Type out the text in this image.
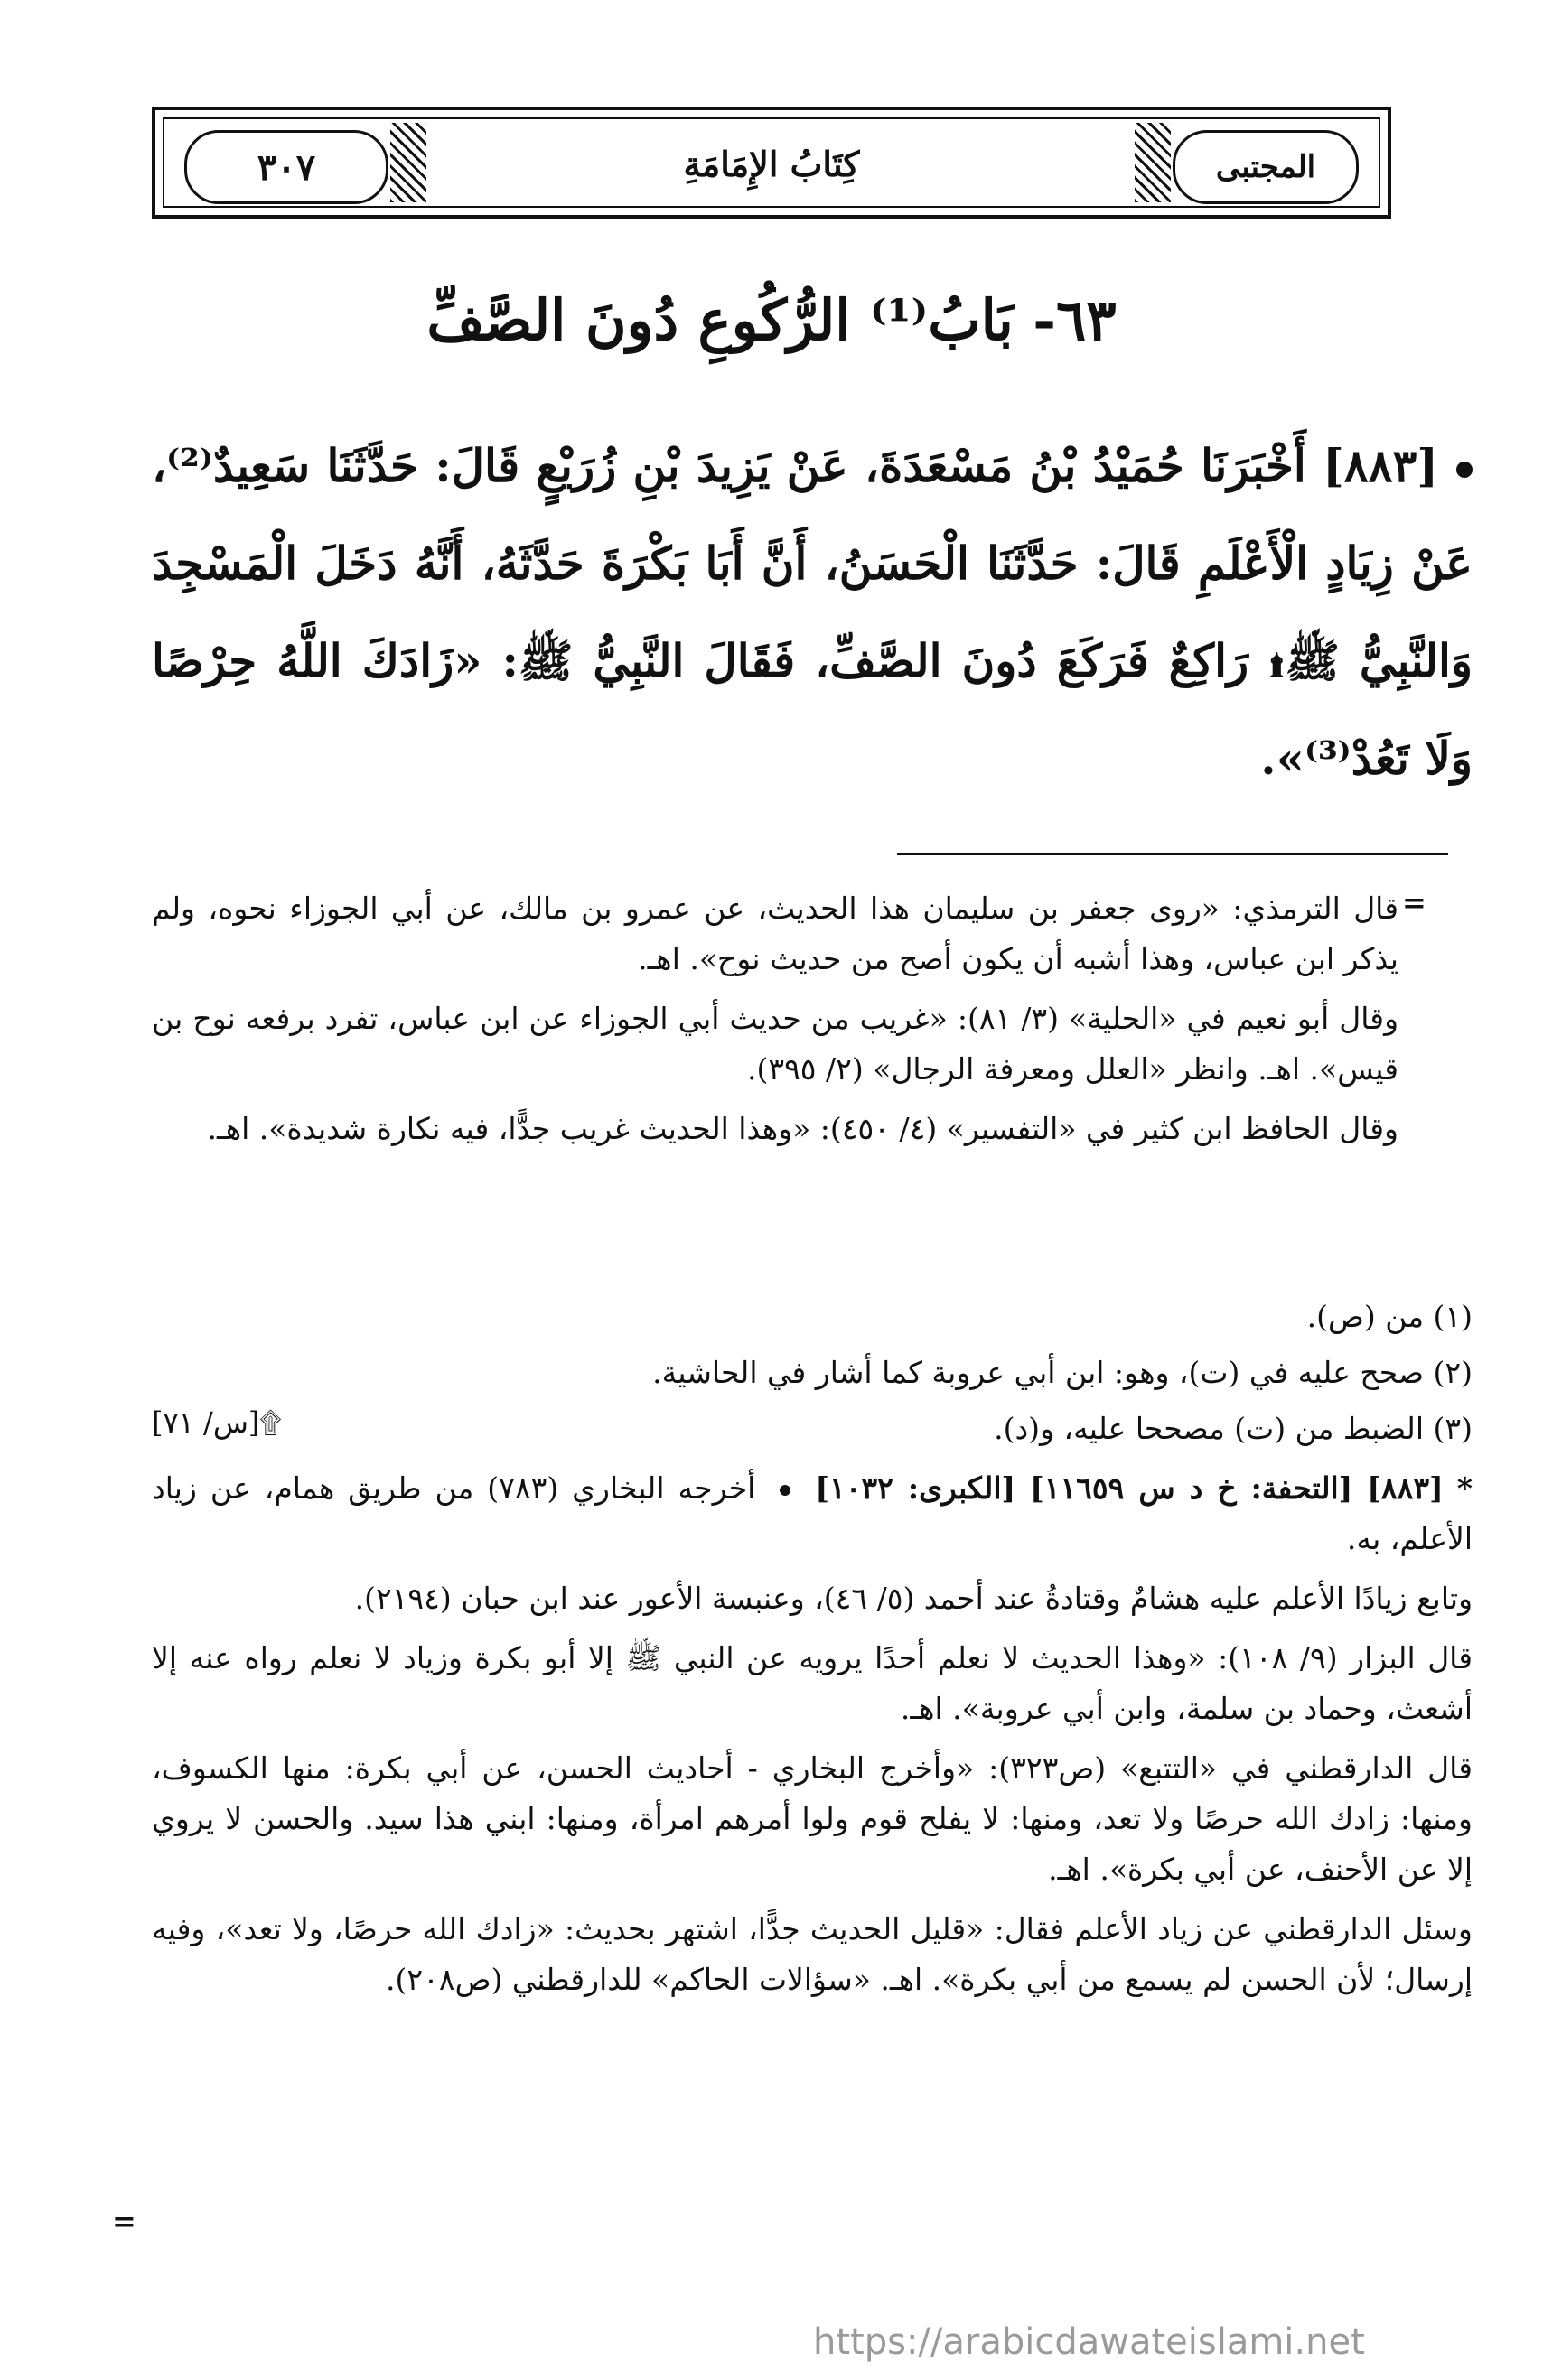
٣٠٧	كِتَابُ الإِمَامَةِ	المجتبى
٦٣- بَابُ⁽¹⁾ الرُّكُوعِ دُونَ الصَّفِّ
[٨٨٣] أَخْبَرَنَا حُمَيْدُ بْنُ مَسْعَدَةَ، عَنْ يَزِيدَ بْنِ زُرَيْعٍ قَالَ: حَدَّثَنَا سَعِيدٌ⁽²⁾، عَنْ زِيَادٍ الْأَعْلَمِ قَالَ: حَدَّثَنَا الْحَسَنُ، أَنَّ أَبَا بَكْرَةَ حَدَّثَهُ، أَنَّهُ دَخَلَ الْمَسْجِدَ وَالنَّبِيُّ ﷺ۩ رَاكِعٌ فَرَكَعَ دُونَ الصَّفِّ، فَقَالَ النَّبِيُّ ﷺ: «زَادَكَ اللَّهُ حِرْصًا وَلَا تَعُدْ⁽³⁾».
=

قال الترمذي: «روى جعفر بن سليمان هذا الحديث، عن عمرو بن مالك، عن أبي الجوزاء نحوه، ولم يذكر ابن عباس، وهذا أشبه أن يكون أصح من حديث نوح». اهـ.

وقال أبو نعيم في «الحلية» (٣/ ٨١): «غريب من حديث أبي الجوزاء عن ابن عباس، تفرد برفعه نوح بن قيس». اهـ. وانظر «العلل ومعرفة الرجال» (٢/ ٣٩٥).

وقال الحافظ ابن كثير في «التفسير» (٤/ ٤٥٠): «وهذا الحديث غريب جدًّا، فيه نكارة شديدة». اهـ.

(١) من (ص).
(٢) صحح عليه في (ت)، وهو: ابن أبي عروبة كما أشار في الحاشية.
(٣) الضبط من (ت) مصححا عليه، و(د).
۩[س/ ٧١]

* [٨٨٣] [التحفة: خ د س ١١٦٥٩] [الكبرى: ١٠٣٢]  أخرجه البخاري (٧٨٣) من طريق همام، عن زياد الأعلم، به.

وتابع زيادًا الأعلم عليه هشامٌ وقتادةُ عند أحمد (٥/ ٤٦)، وعنبسة الأعور عند ابن حبان (٢١٩٤).

قال البزار (٩/ ١٠٨): «وهذا الحديث لا نعلم أحدًا يرويه عن النبي ﷺ إلا أبو بكرة وزياد لا نعلم رواه عنه إلا أشعث، وحماد بن سلمة، وابن أبي عروبة». اهـ.

قال الدارقطني في «التتبع» (ص٣٢٣): «وأخرج البخاري - أحاديث الحسن، عن أبي بكرة: منها الكسوف، ومنها: زادك الله حرصًا ولا تعد، ومنها: لا يفلح قوم ولوا أمرهم امرأة، ومنها: ابني هذا سيد. والحسن لا يروي إلا عن الأحنف، عن أبي بكرة». اهـ.

وسئل الدارقطني عن زياد الأعلم فقال: «قليل الحديث جدًّا، اشتهر بحديث: «زادك الله حرصًا، ولا تعد»، وفيه إرسال؛ لأن الحسن لم يسمع من أبي بكرة». اهـ. «سؤالات الحاكم» للدارقطني (ص٢٠٨).

=
https://arabicdawateislami.net
